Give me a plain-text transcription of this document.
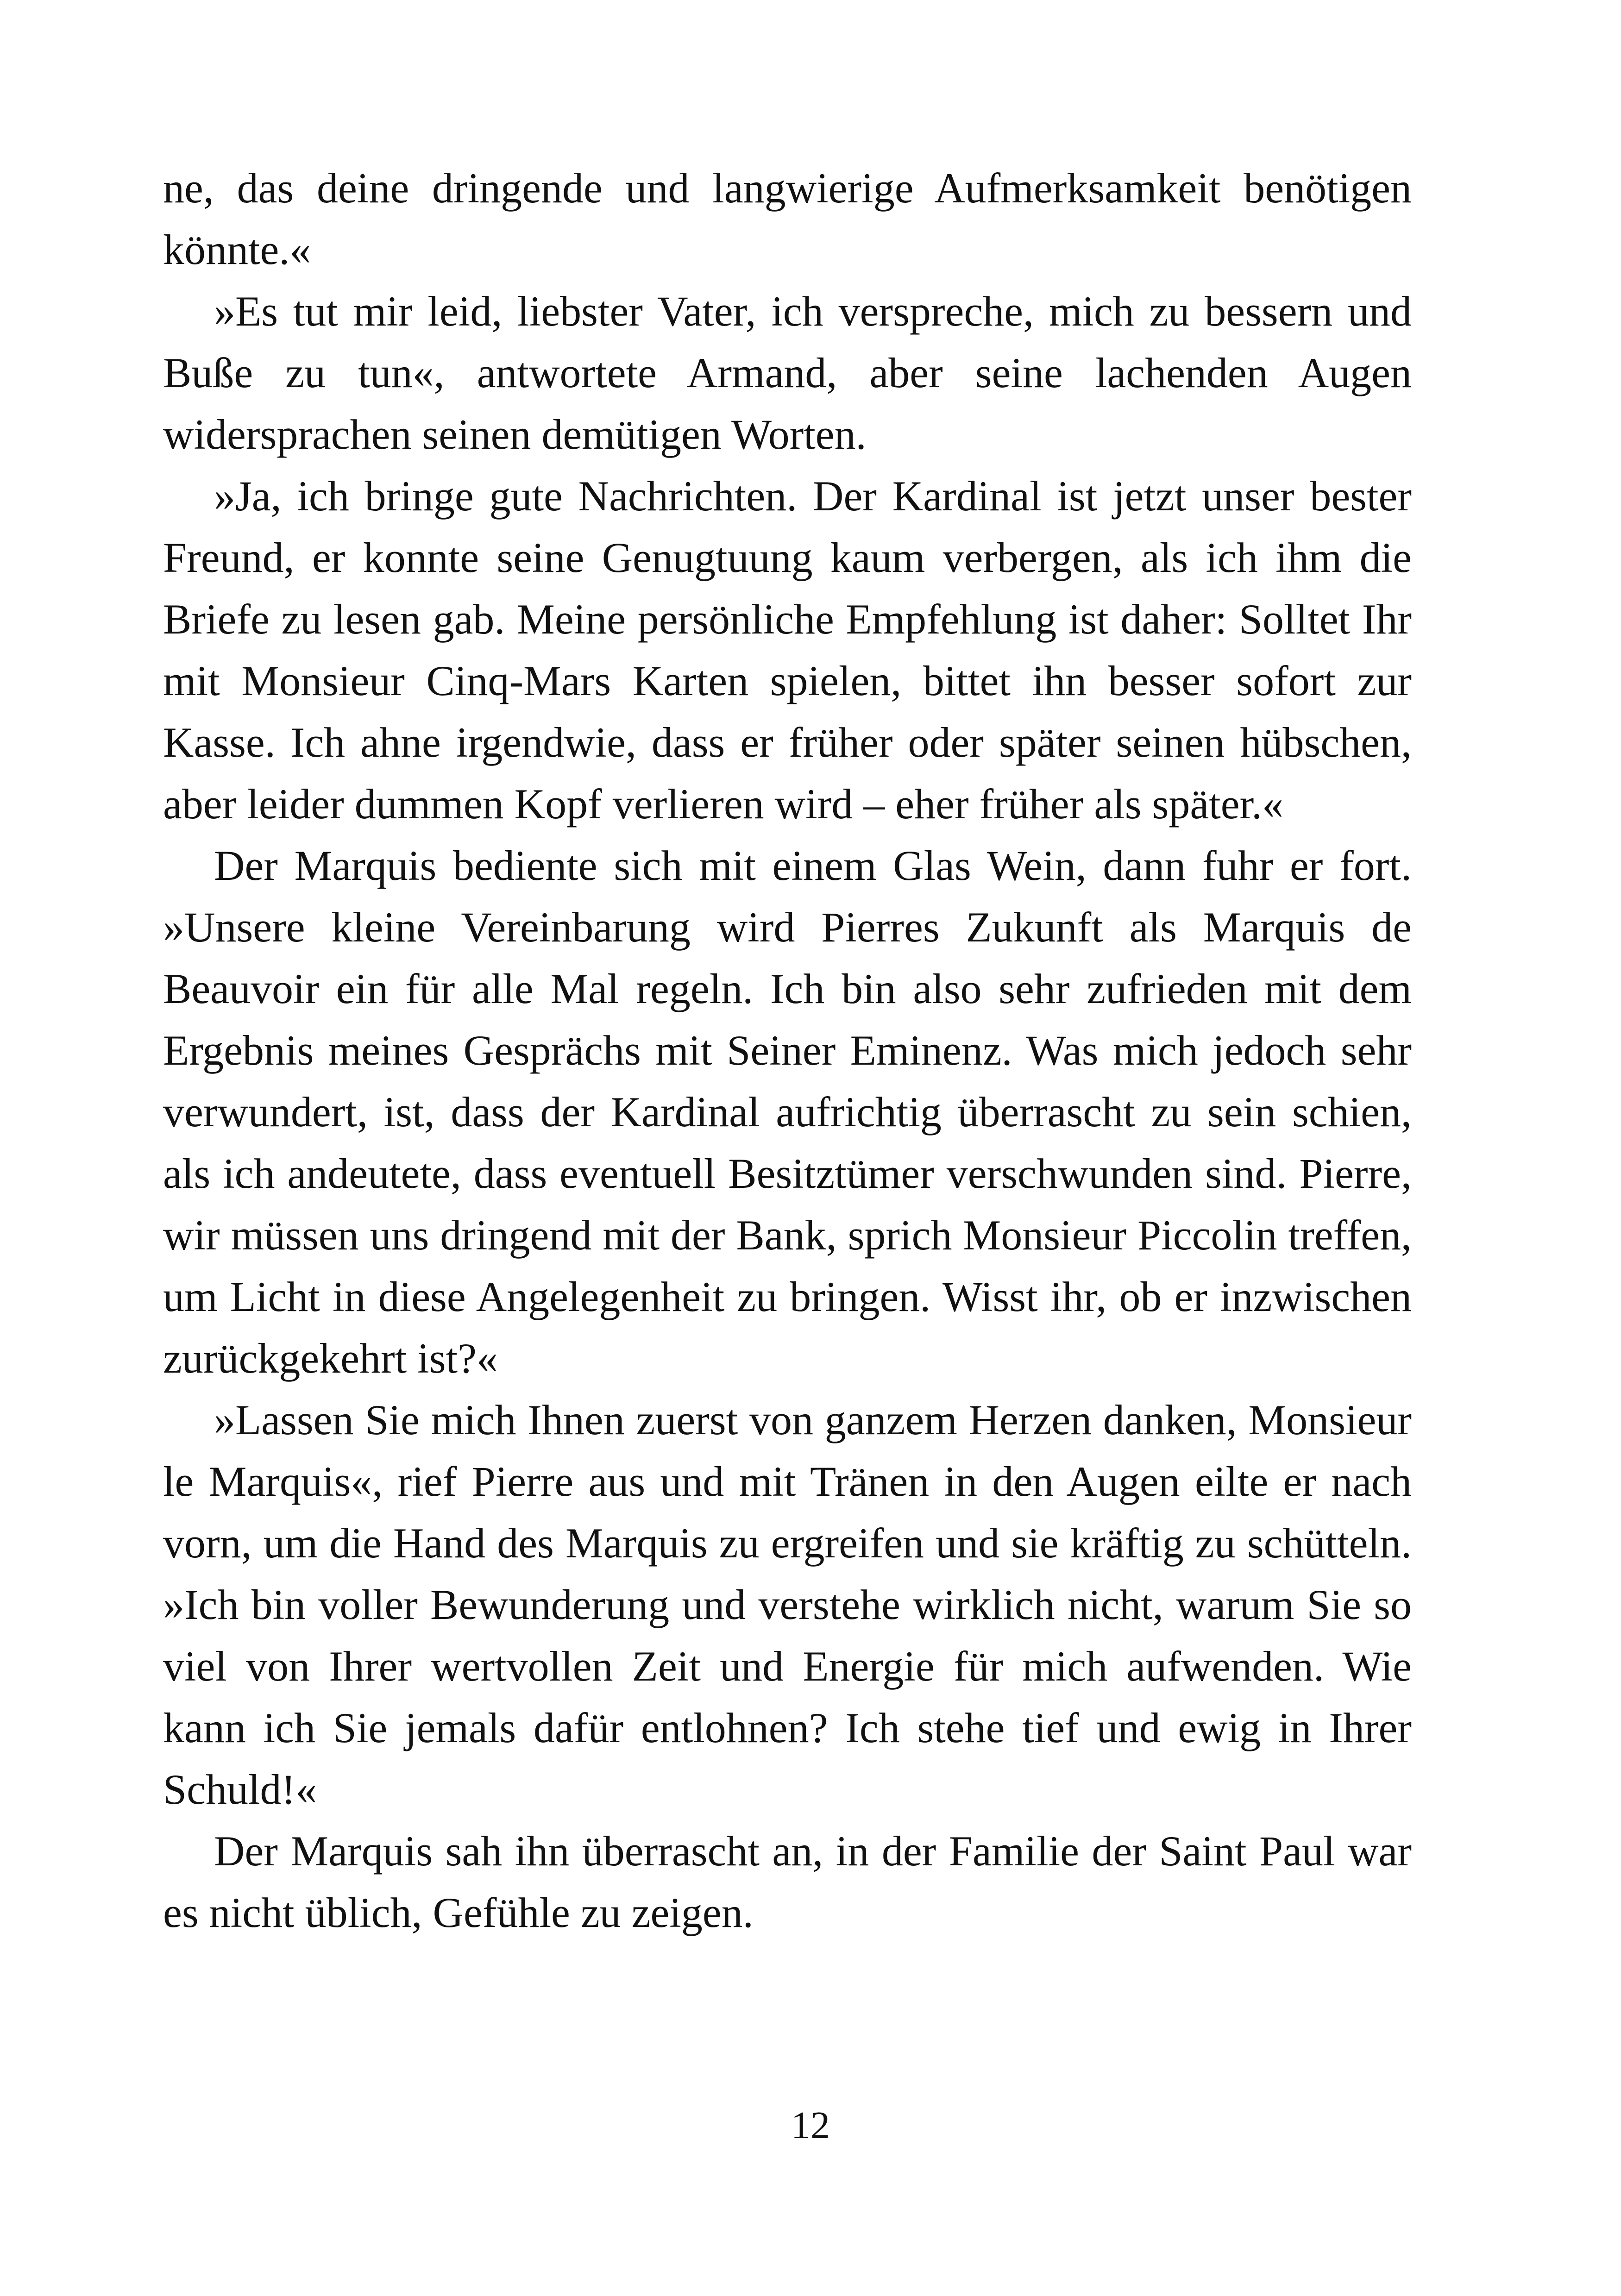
ne, das deine dringende und langwierige Aufmerksamkeit benötigen könnte.«

»Es tut mir leid, liebster Vater, ich verspreche, mich zu bessern und Buße zu tun«, antwortete Armand, aber seine lachenden Augen widersprachen seinen demütigen Worten.

»Ja, ich bringe gute Nachrichten. Der Kardinal ist jetzt unser bester Freund, er konnte seine Genugtuung kaum verbergen, als ich ihm die Briefe zu lesen gab. Meine persönliche Empfehlung ist daher: Solltet Ihr mit Monsieur Cinq-Mars Karten spielen, bittet ihn besser sofort zur Kasse. Ich ahne irgendwie, dass er früher oder später seinen hübschen, aber leider dummen Kopf verlieren wird – eher früher als später.«

Der Marquis bediente sich mit einem Glas Wein, dann fuhr er fort. »Unsere kleine Vereinbarung wird Pierres Zukunft als Marquis de Beauvoir ein für alle Mal regeln. Ich bin also sehr zufrieden mit dem Ergebnis meines Gesprächs mit Seiner Eminenz. Was mich jedoch sehr verwundert, ist, dass der Kardinal aufrichtig überrascht zu sein schien, als ich andeutete, dass eventuell Besitztümer verschwunden sind. Pierre, wir müssen uns dringend mit der Bank, sprich Monsieur Piccolin treffen, um Licht in diese Angelegenheit zu bringen. Wisst ihr, ob er inzwischen zurückgekehrt ist?«

»Lassen Sie mich Ihnen zuerst von ganzem Herzen danken, Monsieur le Marquis«, rief Pierre aus und mit Tränen in den Augen eilte er nach vorn, um die Hand des Marquis zu ergreifen und sie kräftig zu schütteln. »Ich bin voller Bewunderung und verstehe wirklich nicht, warum Sie so viel von Ihrer wertvollen Zeit und Energie für mich aufwenden. Wie kann ich Sie jemals dafür entlohnen? Ich stehe tief und ewig in Ihrer Schuld!«

Der Marquis sah ihn überrascht an, in der Familie der Saint Paul war es nicht üblich, Gefühle zu zeigen.

12
